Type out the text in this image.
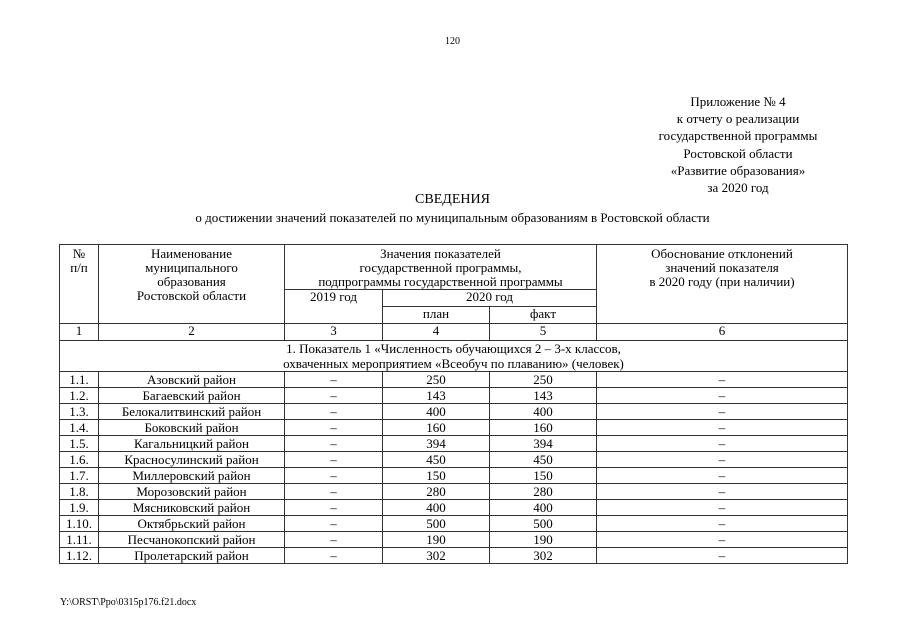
120
Приложение № 4
к отчету о реализации
государственной программы
Ростовской области
«Развитие образования»
за 2020 год
СВЕДЕНИЯ
о достижении значений показателей по муниципальным образованиям в Ростовской области
№
п/п	Наименование
муниципального
образования
Ростовской области	Значения показателей
государственной программы,
подпрограммы государственной программы			Обоснование отклонений
значений показателя
в 2020 году (при наличии)
		2019 год	2020 год		
			план	факт	
1	2	3	4	5	6
1. Показатель 1 «Численность обучающихся 2 – 3-х классов,
охваченных мероприятием «Всеобуч по плаванию» (человек)					
1.1.	Азовский район	–	250	250	–
1.2.	Багаевский район	–	143	143	–
1.3.	Белокалитвинский район	–	400	400	–
1.4.	Боковский район	–	160	160	–
1.5.	Кагальницкий район	–	394	394	–
1.6.	Красносулинский район	–	450	450	–
1.7.	Миллеровский район	–	150	150	–
1.8.	Морозовский район	–	280	280	–
1.9.	Мясниковский район	–	400	400	–
1.10.	Октябрьский район	–	500	500	–
1.11.	Песчанокопский район	–	190	190	–
1.12.	Пролетарский район	–	302	302	–
Y:\ORST\Ppo\0315p176.f21.docx
